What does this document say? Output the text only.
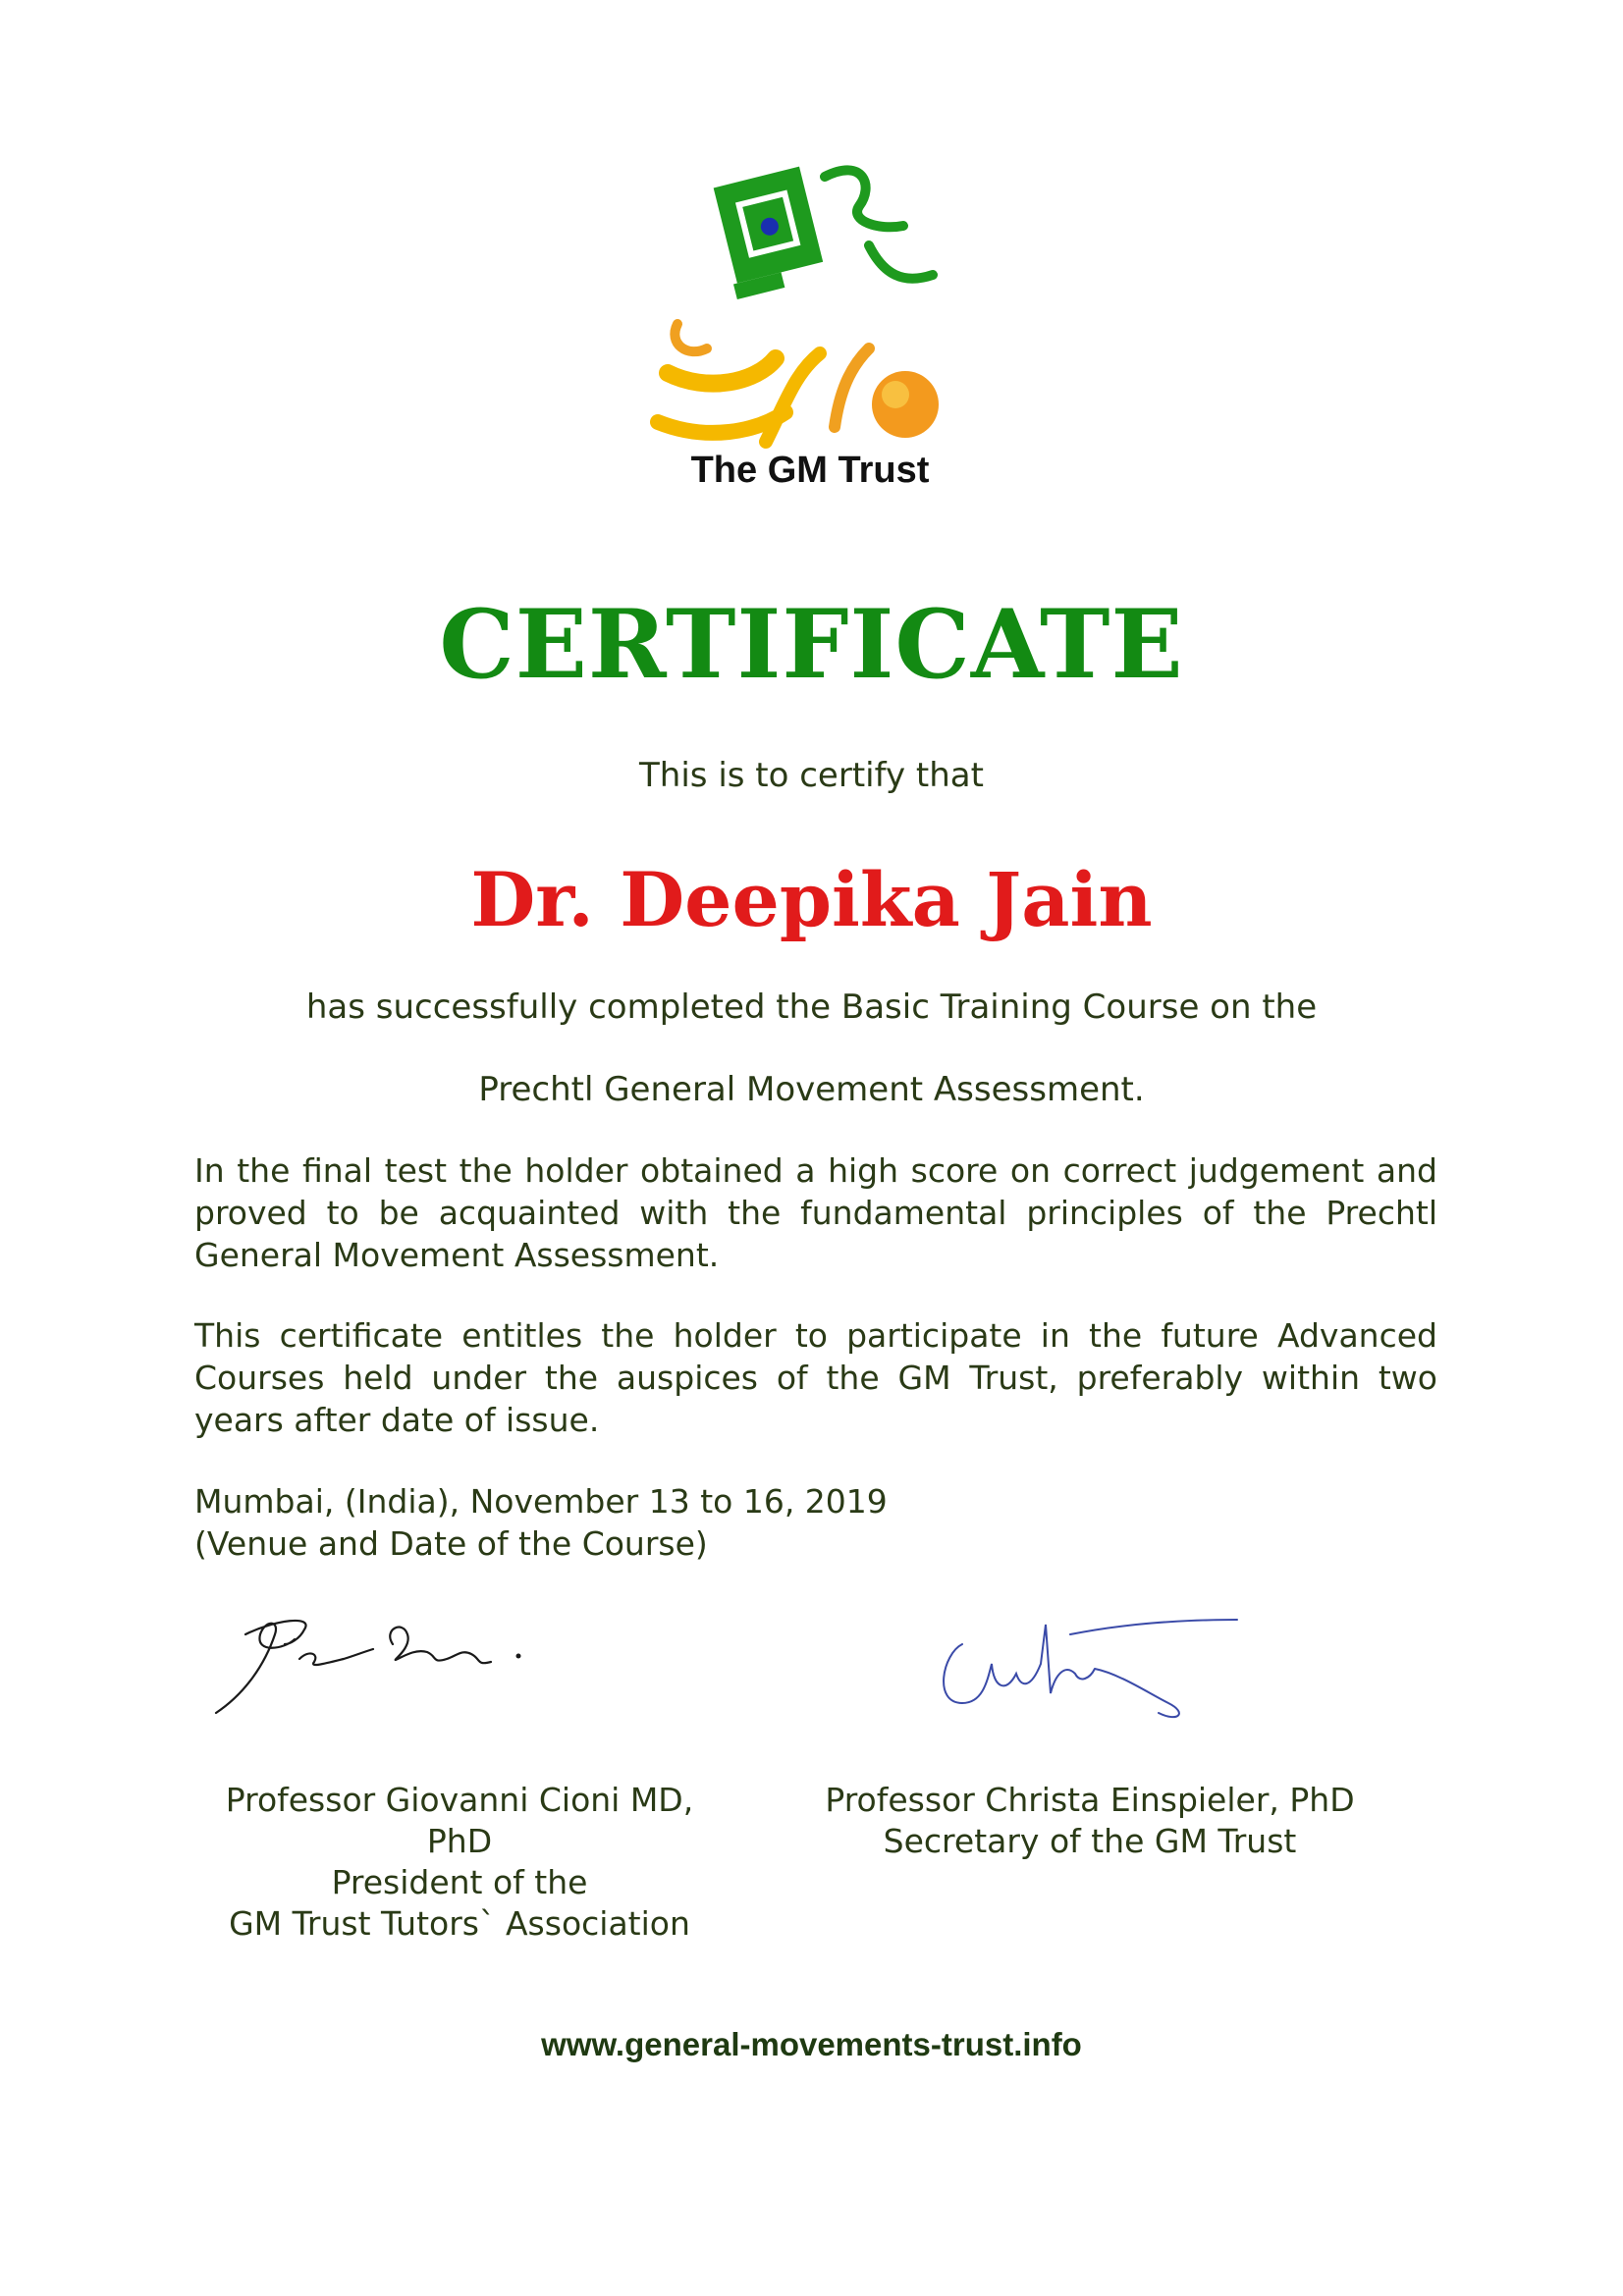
The GM Trust
CERTIFICATE
This is to certify that
Dr. Deepika Jain
has successfully completed the Basic Training Course on the
Prechtl General Movement Assessment.
In the final test the holder obtained a high score on correct judgement and proved to be acquainted with the fundamental principles of the Prechtl General Movement Assessment.
This certificate entitles the holder to participate in the future Advanced Courses held under the auspices of the GM Trust, preferably within two years after date of issue.
Mumbai, (India), November 13 to 16, 2019
(Venue and Date of the Course)
Professor Giovanni Cioni MD, PhD
President of the
GM Trust Tutors` Association
Professor Christa Einspieler, PhD
Secretary of the GM Trust
www.general-movements-trust.info
